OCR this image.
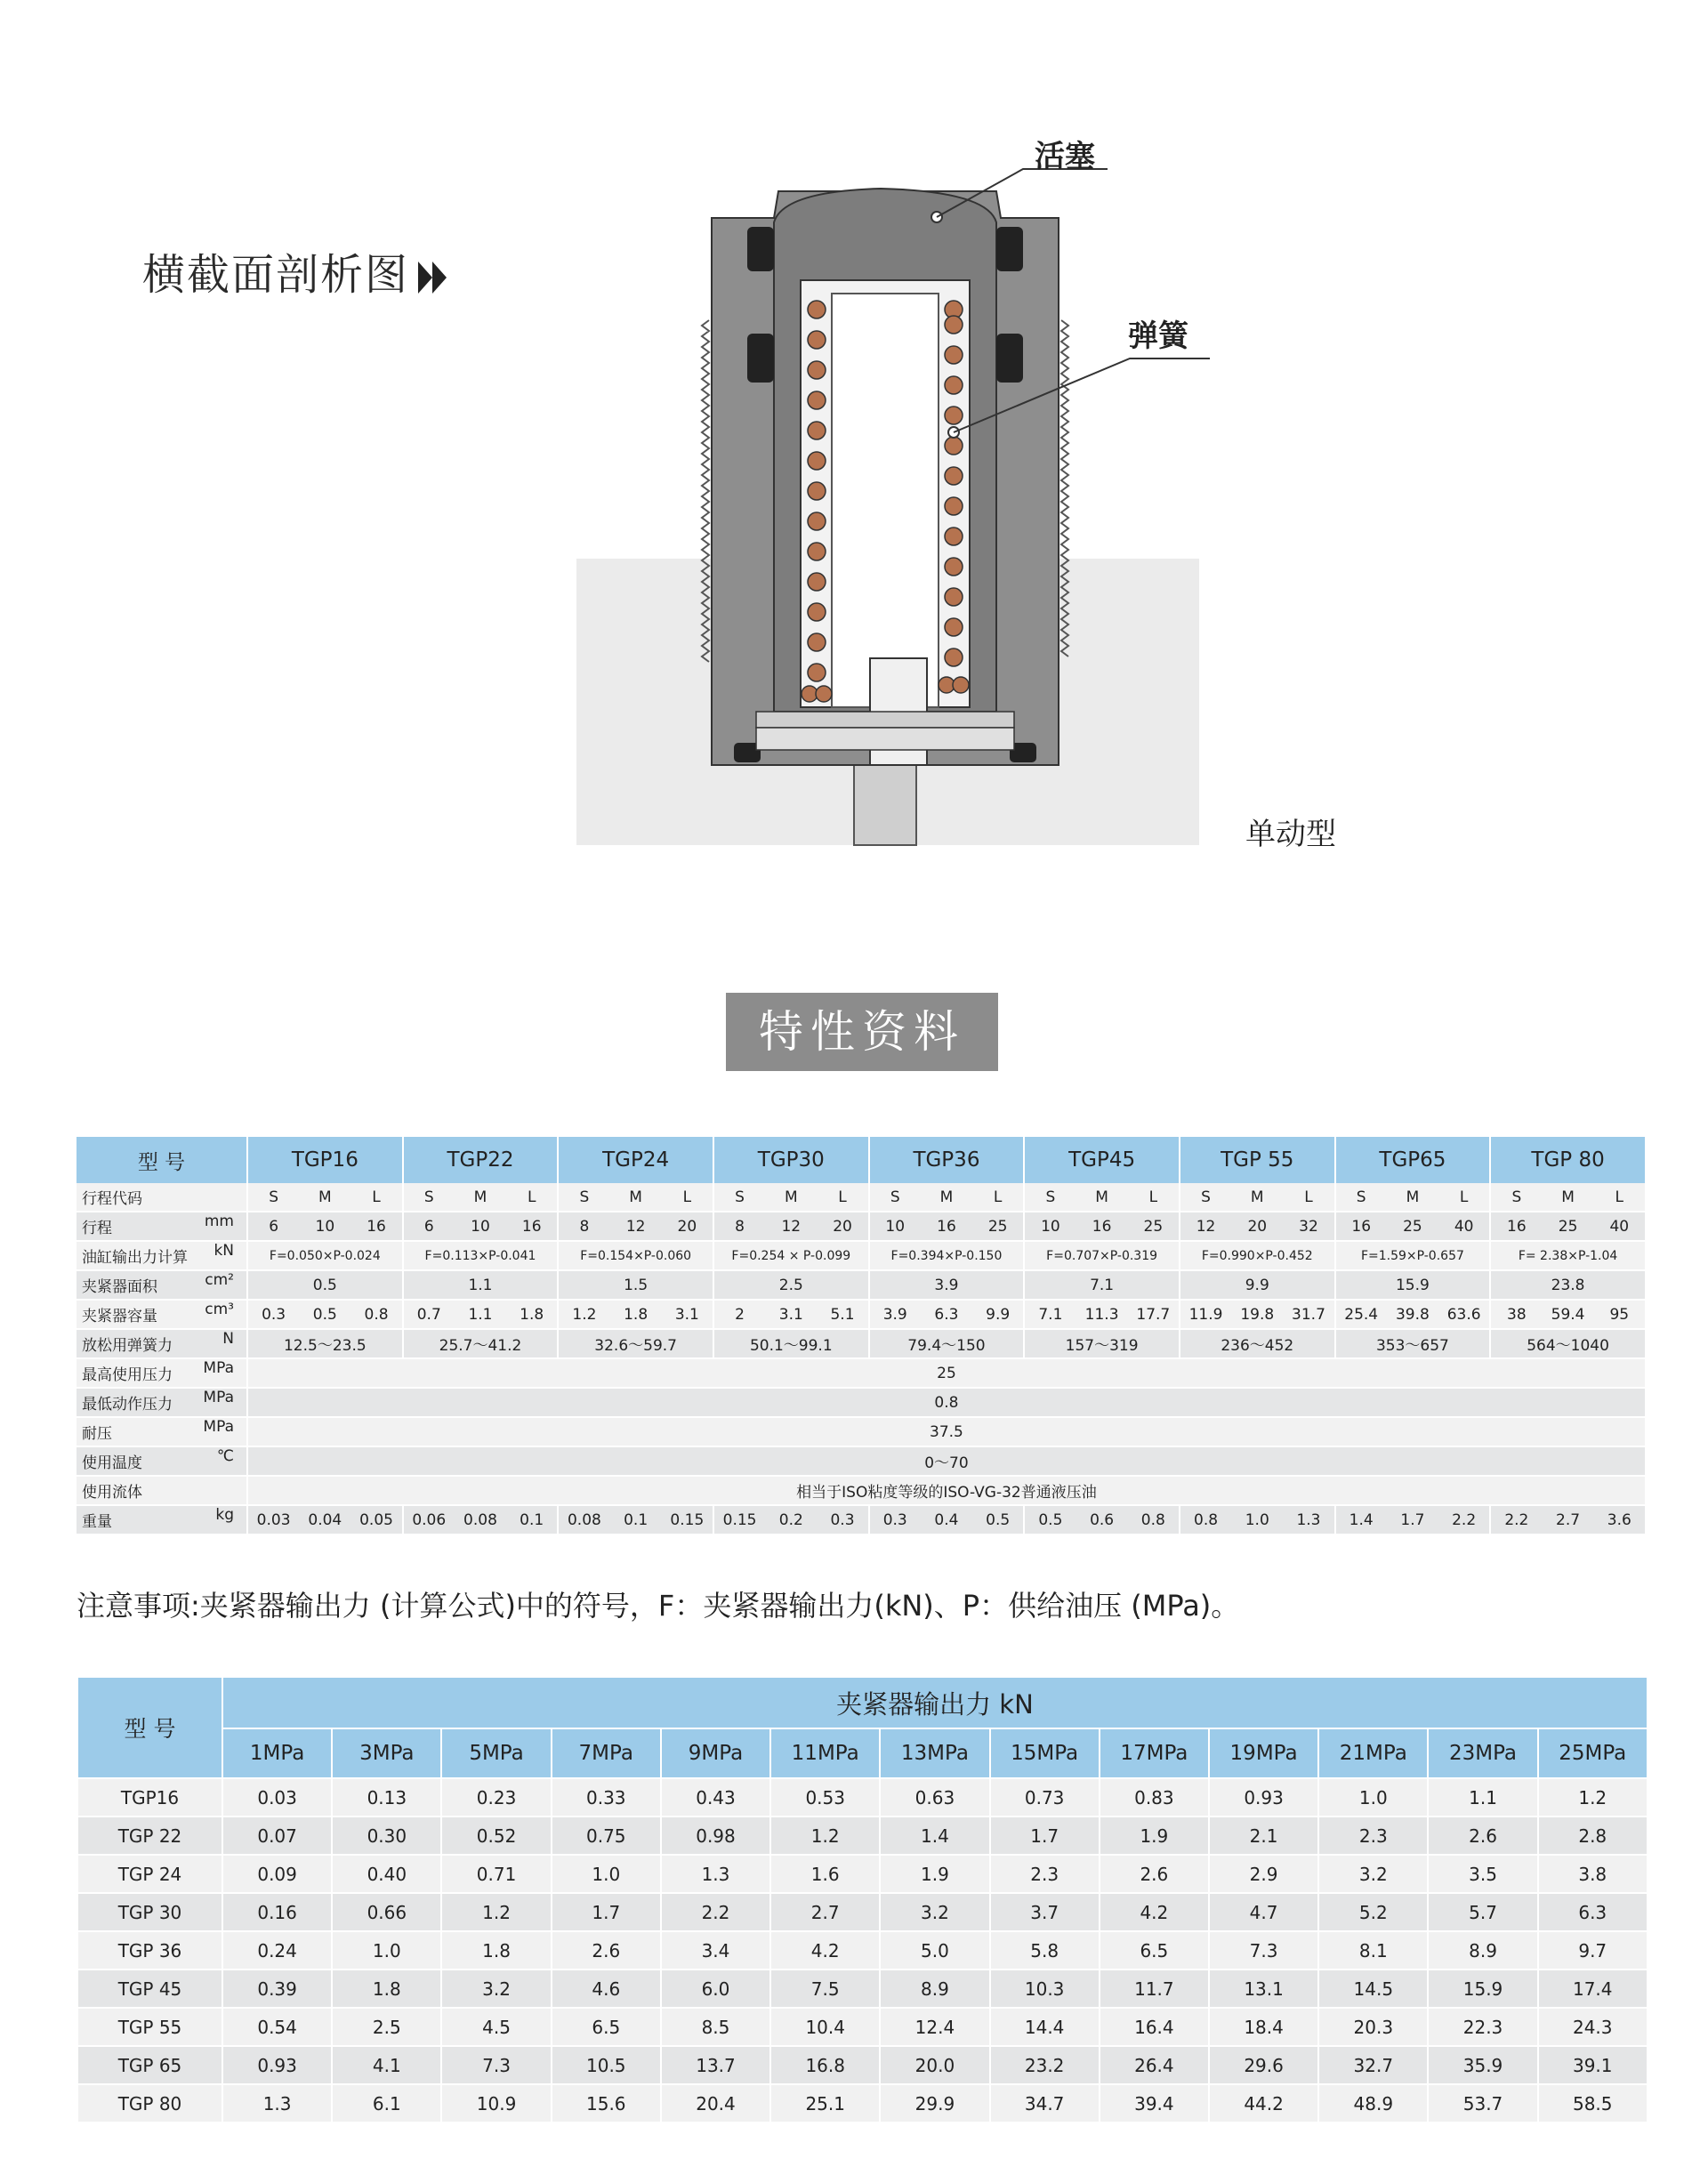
横截面剖析图
活塞
弹簧
单动型
特性资料
型 号	TGP16			TGP22			TGP24			TGP30			TGP36			TGP45			TGP 55			TGP65			TGP 80		
行程代码	S	M	L	S	M	L	S	M	L	S	M	L	S	M	L	S	M	L	S	M	L	S	M	L	S	M	L
行程 mm	6	10	16	6	10	16	8	12	20	8	12	20	10	16	25	10	16	25	12	20	32	16	25	40	16	25	40
油缸输出力计算 kN	F=0.050×P-0.024			F=0.113×P-0.041			F=0.154×P-0.060			F=0.254 × P-0.099			F=0.394×P-0.150			F=0.707×P-0.319			F=0.990×P-0.452			F=1.59×P-0.657			F= 2.38×P-1.04		
夹紧器面积 cm²	0.5			1.1			1.5			2.5			3.9			7.1			9.9			15.9			23.8		
夹紧器容量 cm³	0.3	0.5	0.8	0.7	1.1	1.8	1.2	1.8	3.1	2	3.1	5.1	3.9	6.3	9.9	7.1	11.3	17.7	11.9	19.8	31.7	25.4	39.8	63.6	38	59.4	95
放松用弹簧力 N	12.5～23.5			25.7～41.2			32.6～59.7			50.1～99.1			79.4～150			157～319			236～452			353～657			564～1040		
最高使用压力 MPa	25																										
最低动作压力 MPa	0.8																										
耐压 MPa	37.5																										
使用温度 ℃	0～70																										
使用流体	相当于ISO粘度等级的ISO-VG-32普通液压油																										
重量 kg	0.03	0.04	0.05	0.06	0.08	0.1	0.08	0.1	0.15	0.15	0.2	0.3	0.3	0.4	0.5	0.5	0.6	0.8	0.8	1.0	1.3	1.4	1.7	2.2	2.2	2.7	3.6
注意事项:夹紧器输出力 (计算公式)中的符号，F：夹紧器输出力(kN)、P：供给油压 (MPa)。
型 号	夹紧器输出力 kN												
	1MPa	3MPa	5MPa	7MPa	9MPa	11MPa	13MPa	15MPa	17MPa	19MPa	21MPa	23MPa	25MPa
TGP16	0.03	0.13	0.23	0.33	0.43	0.53	0.63	0.73	0.83	0.93	1.0	1.1	1.2
TGP 22	0.07	0.30	0.52	0.75	0.98	1.2	1.4	1.7	1.9	2.1	2.3	2.6	2.8
TGP 24	0.09	0.40	0.71	1.0	1.3	1.6	1.9	2.3	2.6	2.9	3.2	3.5	3.8
TGP 30	0.16	0.66	1.2	1.7	2.2	2.7	3.2	3.7	4.2	4.7	5.2	5.7	6.3
TGP 36	0.24	1.0	1.8	2.6	3.4	4.2	5.0	5.8	6.5	7.3	8.1	8.9	9.7
TGP 45	0.39	1.8	3.2	4.6	6.0	7.5	8.9	10.3	11.7	13.1	14.5	15.9	17.4
TGP 55	0.54	2.5	4.5	6.5	8.5	10.4	12.4	14.4	16.4	18.4	20.3	22.3	24.3
TGP 65	0.93	4.1	7.3	10.5	13.7	16.8	20.0	23.2	26.4	29.6	32.7	35.9	39.1
TGP 80	1.3	6.1	10.9	15.6	20.4	25.1	29.9	34.7	39.4	44.2	48.9	53.7	58.5
